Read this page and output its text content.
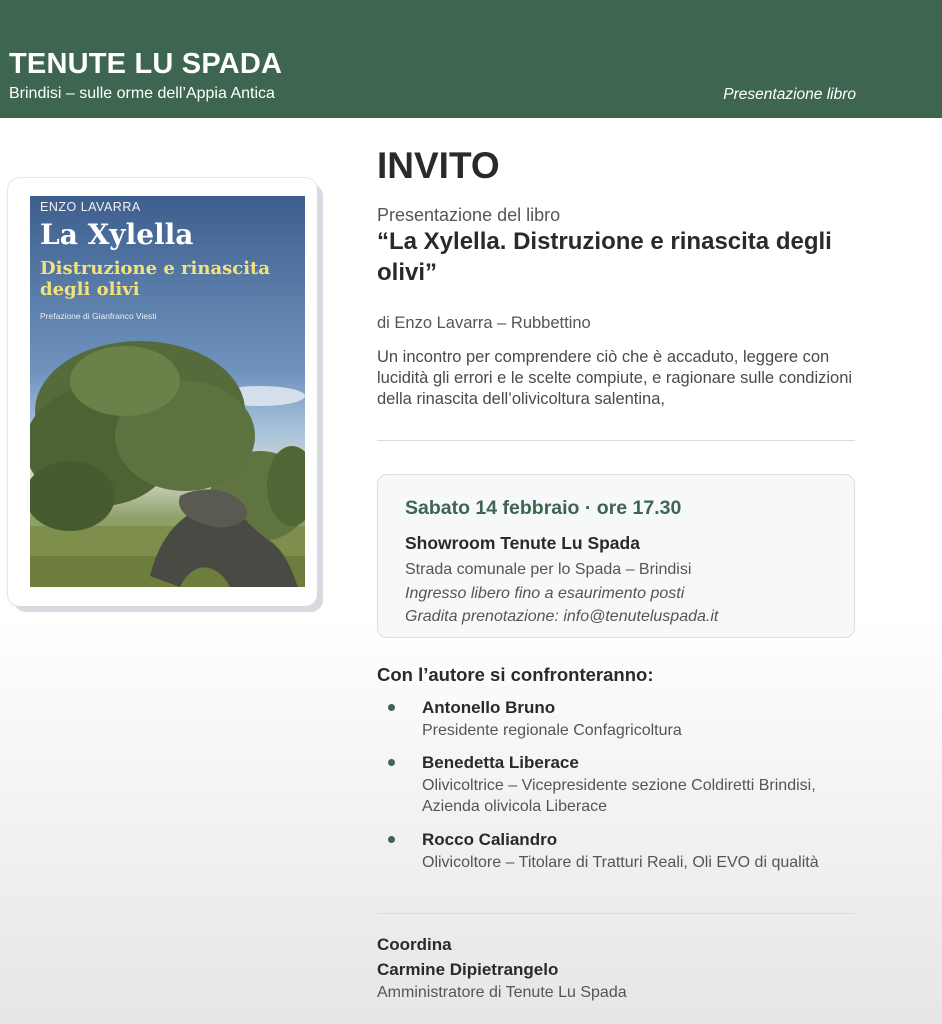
TENUTE LU SPADA
Brindisi – sulle orme dell’Appia Antica	Presentazione libro
ENZO LAVARRA
La Xylella
Distruzione e rinascita degli olivi
Prefazione di Gianfranco Viesti
INVITO
Presentazione del libro
“La Xylella. Distruzione e rinascita degli olivi”
di Enzo Lavarra – Rubbettino
Un incontro per comprendere ciò che è accaduto, leggere con lucidità gli errori e le scelte compiute, e ragionare sulle condizioni della rinascita dell’olivicoltura salentina,
Sabato 14 febbraio · ore 17.30
Showroom Tenute Lu Spada
Strada comunale per lo Spada – Brindisi
Ingresso libero fino a esaurimento posti
Gradita prenotazione: info@tenuteluspada.it
Con l’autore si confronteranno:
Antonello Bruno
Presidente regionale Confagricoltura
Benedetta Liberace
Olivicoltrice – Vicepresidente sezione Coldiretti Brindisi, Azienda olivicola Liberace
Rocco Caliandro
Olivicoltore – Titolare di Tratturi Reali, Oli EVO di qualità
Coordina
Carmine Dipietrangelo
Amministratore di Tenute Lu Spada
